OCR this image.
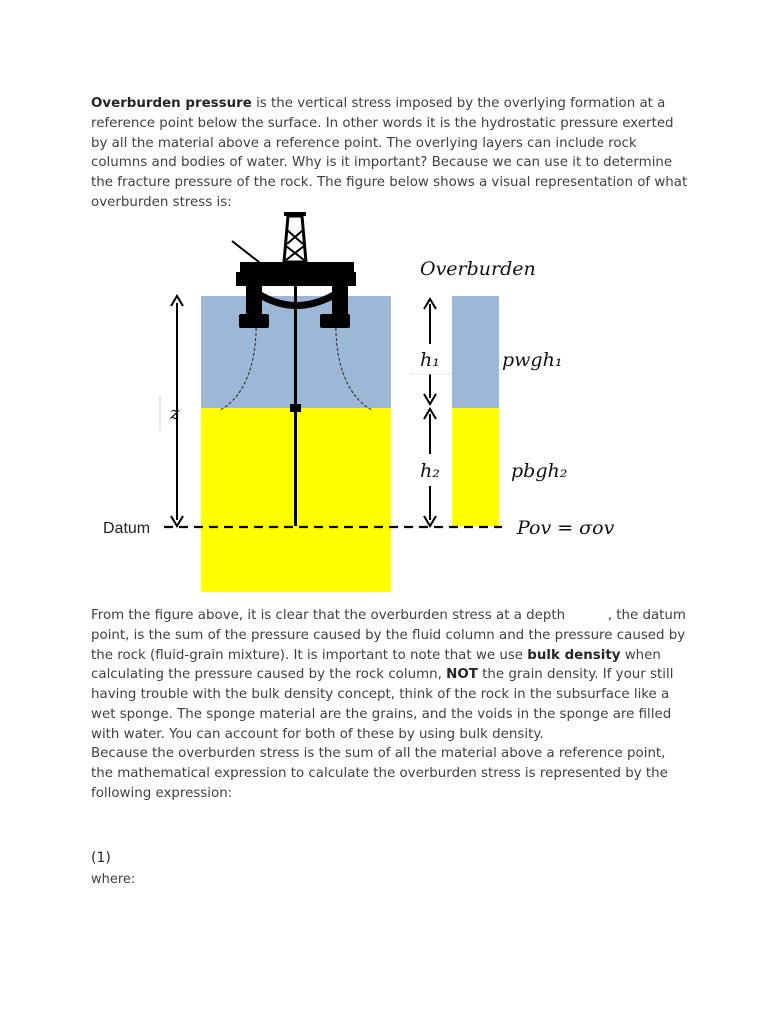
Overburden pressure is the vertical stress imposed by the overlying formation at a reference point below the surface. In other words it is the hydrostatic pressure exerted by all the material above a reference point. The overlying layers can include rock columns and bodies of water. Why is it important? Because we can use it to determine the fracture pressure of the rock. The figure below shows a visual representation of what overburden stress is:

z
h₁
h₂
Datum
Overburden
pwgh₁
pbgh₂
Pov = σov

From the figure above, it is clear that the overburden stress at a depth          , the datum point, is the sum of the pressure caused by the fluid column and the pressure caused by the rock (fluid-grain mixture). It is important to note that we use bulk density when calculating the pressure caused by the rock column, NOT the grain density. If your still having trouble with the bulk density concept, think of the rock in the subsurface like a wet sponge. The sponge material are the grains, and the voids in the sponge are filled with water. You can account for both of these by using bulk density.

Because the overburden stress is the sum of all the material above a reference point, the mathematical expression to calculate the overburden stress is represented by the following expression:

(1)
where:
